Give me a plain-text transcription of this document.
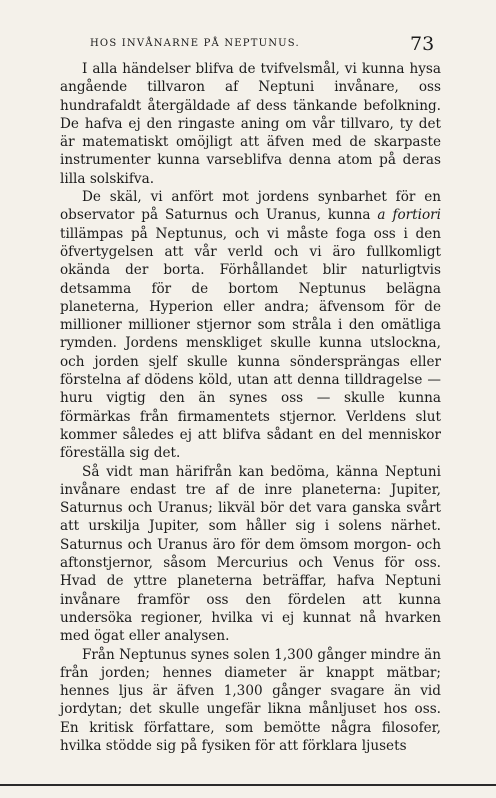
HOS INVÅNARNE PÅ NEPTUNUS.	73

I alla händelser blifva de tvifvelsmål, vi kunna hysa angående tillvaron af Neptuni invånare, oss hundrafaldt återgäldade af dess tänkande befolkning. De hafva ej den ringaste aning om vår tillvaro, ty det är matematiskt omöjligt att äfven med de skarpaste instrumenter kunna varseblifva denna atom på deras lilla solskifva.

De skäl, vi anfört mot jordens synbarhet för en observator på Saturnus och Uranus, kunna a fortiori tillämpas på Neptunus, och vi måste foga oss i den öfvertygelsen att vår verld och vi äro fullkomligt okända der borta. Förhållandet blir naturligtvis detsamma för de bortom Neptunus belägna planeterna, Hyperion eller andra; äfvensom för de millioner millioner stjernor som stråla i den omätliga rymden. Jordens menskliget skulle kunna utslockna, och jorden sjelf skulle kunna söndersprängas eller förstelna af dödens köld, utan att denna tilldragelse — huru vigtig den än synes oss — skulle kunna förmärkas från firmamentets stjernor. Verldens slut kommer således ej att blifva sådant en del menniskor föreställa sig det.

Så vidt man härifrån kan bedöma, känna Neptuni invånare endast tre af de inre planeterna: Jupiter, Saturnus och Uranus; likväl bör det vara ganska svårt att urskilja Jupiter, som håller sig i solens närhet. Saturnus och Uranus äro för dem ömsom morgon- och aftonstjernor, såsom Mercurius och Venus för oss. Hvad de yttre planeterna beträffar, hafva Neptuni invånare framför oss den fördelen att kunna undersöka regioner, hvilka vi ej kunnat nå hvarken med ögat eller analysen.

Från Neptunus synes solen 1,300 gånger mindre än från jorden; hennes diameter är knappt mätbar; hennes ljus är äfven 1,300 gånger svagare än vid jordytan; det skulle ungefär likna månljuset hos oss. En kritisk författare, som bemötte några filosofer, hvilka stödde sig på fysiken för att förklara ljusets
